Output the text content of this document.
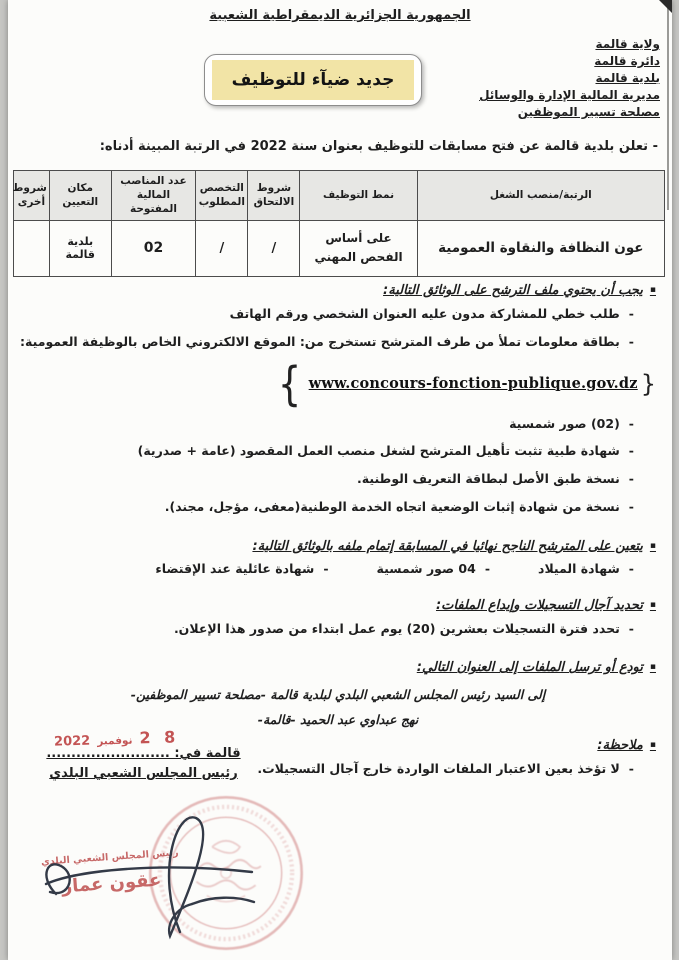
الجمهورية الجزائرية الديمقراطية الشعبية
ولاية قالمة
دائرة قالمة
بلدية قالمة
مديرية المالية الإدارة والوسائل
مصلحة تسيير الموظفين
جديد ضيآء للتوظيف
- تعلن بلدية قالمة عن فتح مسابقات للتوظيف بعنوان سنة 2022 في الرتبة المبينة أدناه:
الرتبة/منصب الشغل	نمط التوظيف	شروط الالتحاق	التخصص المطلوب	عدد المناصب المالية المفتوحة	مكان التعيين	شروط أخرى
عون النظافة والنقاوة العمومية	على أساس الفحص المهني	/	/	02	بلدية قالمة	
▪ يجب أن يحتوي ملف الترشح على الوثائق التالية:
- طلب خطي للمشاركة مدون عليه العنوان الشخصي ورقم الهاتف
- بطاقة معلومات تملأ من طرف المترشح تستخرج من: الموقع الالكتروني الخاص بالوظيفة العمومية:
{ www.concours-fonction-publique.gov.dz }
- (02) صور شمسية
- شهادة طبية تثبت تأهيل المترشح لشغل منصب العمل المقصود (عامة + صدرية)
- نسخة طبق الأصل لبطاقة التعريف الوطنية.
- نسخة من شهادة إثبات الوضعية اتجاه الخدمة الوطنية(معفى، مؤجل، مجند).
▪ يتعين على المترشح الناجح نهائيا في المسابقة إتمام ملفه بالوثائق التالية:
- شهادة الميلاد
- 04 صور شمسية
- شهادة عائلية عند الإقتضاء
▪ تحديد آجال التسجيلات وإيداع الملفات:
- تحدد فترة التسجيلات بعشرين (20) يوم عمل ابتداء من صدور هذا الإعلان.
▪ تودع أو ترسل الملفات إلى العنوان التالي:
إلى السيد رئيس المجلس الشعبي البلدي لبلدية قالمة -مصلحة تسيير الموظفين-
نهج عبداوي عبد الحميد -قالمة-
▪ ملاحظة:
- لا تؤخذ بعين الاعتبار الملفات الواردة خارج آجال التسجيلات.
2022 نوفمبر 2 8
قالمة في: .........................
رئيس المجلس الشعبي البلدي
رئيس المجلس الشعبي البلدي
عقون عمار
